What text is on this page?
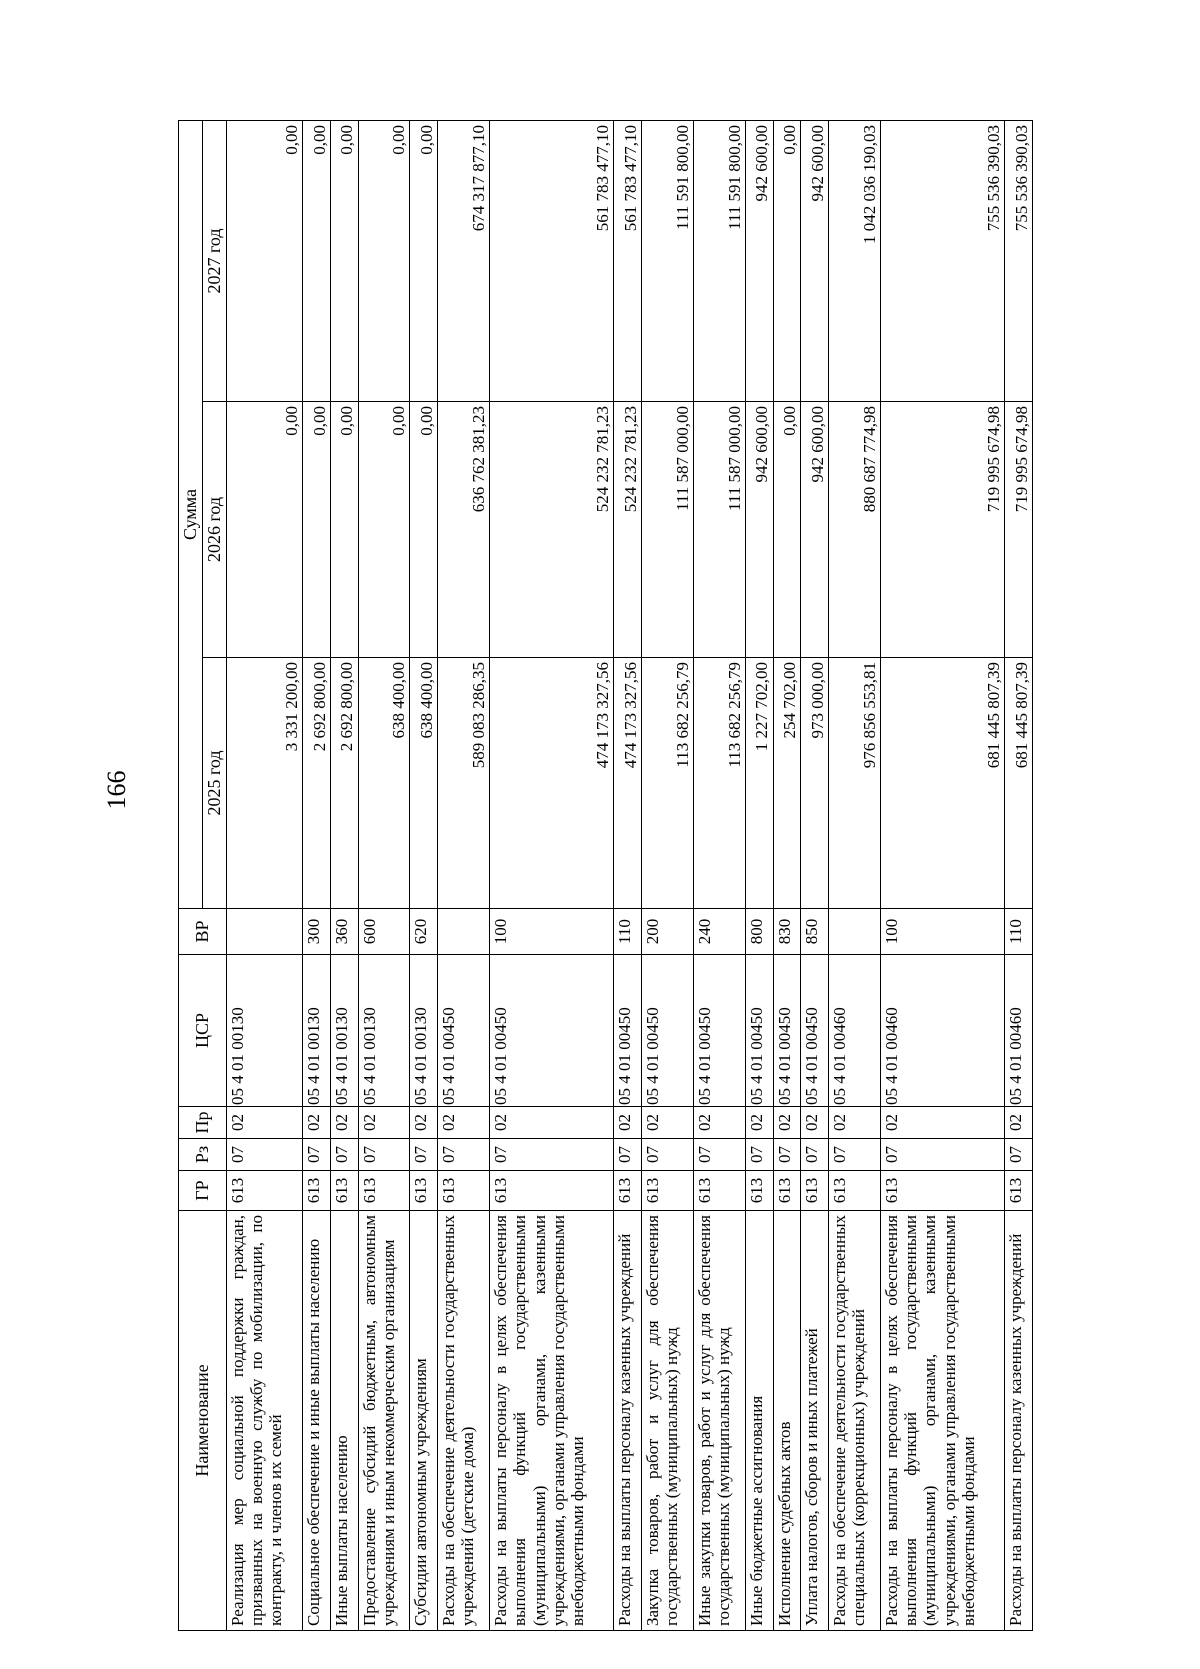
166
Наименование	ГР	Рз	Пр	ЦСР	ВР	Сумма		
						2025 год	2026 год	2027 год
Реализация мер социальной поддержки граждан, призванных на военную службу по мобилизации, по контракту, и членов их семей	613	07	02	05 4 01 00130		3 331 200,00	0,00	0,00
Социальное обеспечение и иные выплаты населению	613	07	02	05 4 01 00130	300	2 692 800,00	0,00	0,00
Иные выплаты населению	613	07	02	05 4 01 00130	360	2 692 800,00	0,00	0,00
Предоставление субсидий бюджетным, автономным учреждениям и иным некоммерческим организациям	613	07	02	05 4 01 00130	600	638 400,00	0,00	0,00
Субсидии автономным учреждениям	613	07	02	05 4 01 00130	620	638 400,00	0,00	0,00
Расходы на обеспечение деятельности государственных учреждений (детские дома)	613	07	02	05 4 01 00450		589 083 286,35	636 762 381,23	674 317 877,10
Расходы на выплаты персоналу в целях обеспечения выполнения функций государственными (муниципальными) органами, казенными учреждениями, органами управления государственными внебюджетными фондами	613	07	02	05 4 01 00450	100	474 173 327,56	524 232 781,23	561 783 477,10
Расходы на выплаты персоналу казенных учреждений	613	07	02	05 4 01 00450	110	474 173 327,56	524 232 781,23	561 783 477,10
Закупка товаров, работ и услуг для обеспечения государственных (муниципальных) нужд	613	07	02	05 4 01 00450	200	113 682 256,79	111 587 000,00	111 591 800,00
Иные закупки товаров, работ и услуг для обеспечения государственных (муниципальных) нужд	613	07	02	05 4 01 00450	240	113 682 256,79	111 587 000,00	111 591 800,00
Иные бюджетные ассигнования	613	07	02	05 4 01 00450	800	1 227 702,00	942 600,00	942 600,00
Исполнение судебных актов	613	07	02	05 4 01 00450	830	254 702,00	0,00	0,00
Уплата налогов, сборов и иных платежей	613	07	02	05 4 01 00450	850	973 000,00	942 600,00	942 600,00
Расходы на обеспечение деятельности государственных специальных (коррекционных) учреждений	613	07	02	05 4 01 00460		976 856 553,81	880 687 774,98	1 042 036 190,03
Расходы на выплаты персоналу в целях обеспечения выполнения функций государственными (муниципальными) органами, казенными учреждениями, органами управления государственными внебюджетными фондами	613	07	02	05 4 01 00460	100	681 445 807,39	719 995 674,98	755 536 390,03
Расходы на выплаты персоналу казенных учреждений	613	07	02	05 4 01 00460	110	681 445 807,39	719 995 674,98	755 536 390,03
